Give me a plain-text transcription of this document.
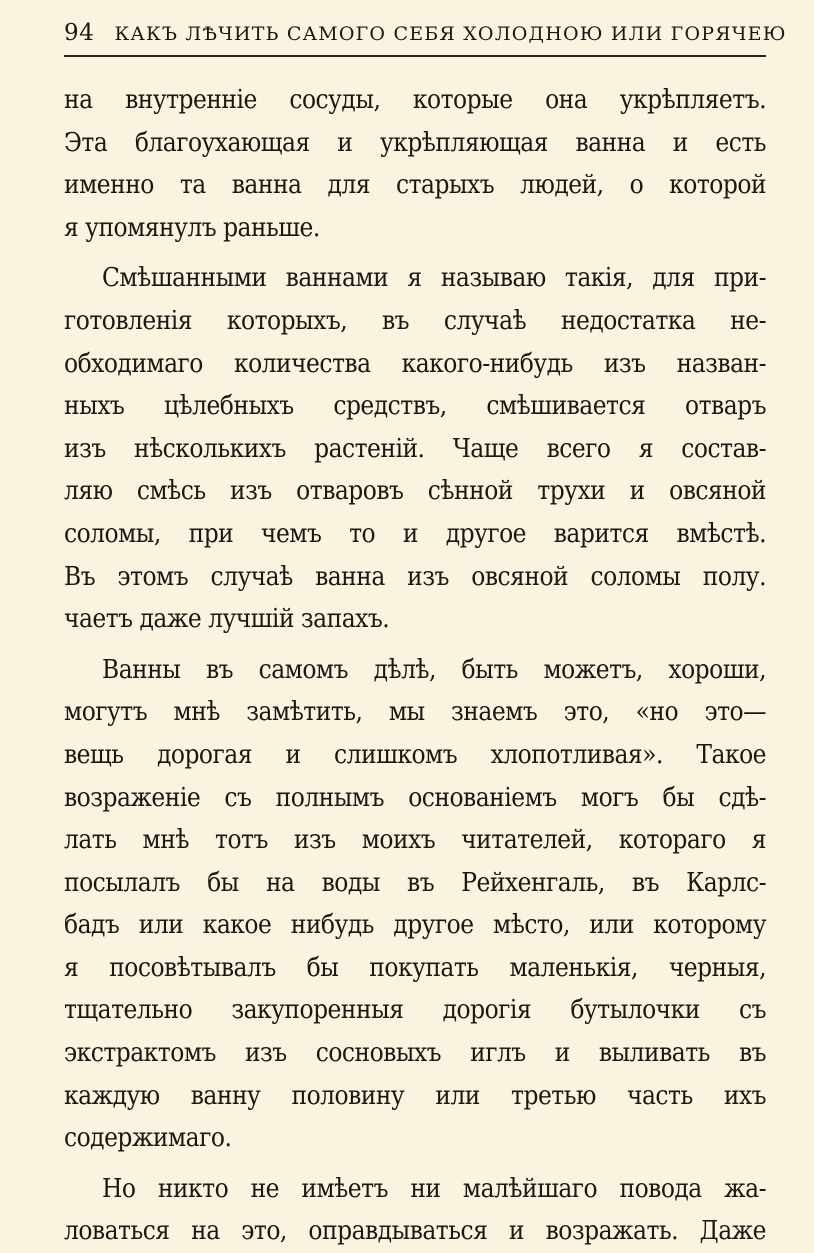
94 КАКЪ ЛѢЧИТЬ САМОГО СЕБЯ ХОЛОДНОЮ ИЛИ ГОРЯЧЕЮ
на внутренніе сосуды, которые она укрѣпляетъ.
Эта благоухающая и укрѣпляющая ванна и есть
именно та ванна для старыхъ людей, о которой
я упомянулъ раньше.
Смѣшанными ваннами я называю такія, для при-
готовленія которыхъ, въ случаѣ недостатка не-
обходимаго количества какого-нибудь изъ назван-
ныхъ цѣлебныхъ средствъ, смѣшивается отваръ
изъ нѣсколькихъ растеній. Чаще всего я состав-
ляю смѣсь изъ отваровъ сѣнной трухи и овсяной
соломы, при чемъ то и другое варится вмѣстѣ.
Въ этомъ случаѣ ванна изъ овсяной соломы полу.
чаетъ даже лучшій запахъ.
Ванны въ самомъ дѣлѣ, быть можетъ, хороши,
могутъ мнѣ замѣтить, мы знаемъ это, «но это—
вещь дорогая и слишкомъ хлопотливая». Такое
возраженіе съ полнымъ основаніемъ могъ бы сдѣ-
лать мнѣ тотъ изъ моихъ читателей, котораго я
посылалъ бы на воды въ Рейхенгаль, въ Карлс-
бадъ или какое нибудь другое мѣсто, или которому
я посовѣтывалъ бы покупать маленькія, черныя,
тщательно закупоренныя дорогія бутылочки съ
экстрактомъ изъ сосновыхъ иглъ и выливать въ
каждую ванну половину или третью часть ихъ
содержимаго.
Но никто не имѣетъ ни малѣйшаго повода жа-
ловаться на это, оправдываться и возражать. Даже
